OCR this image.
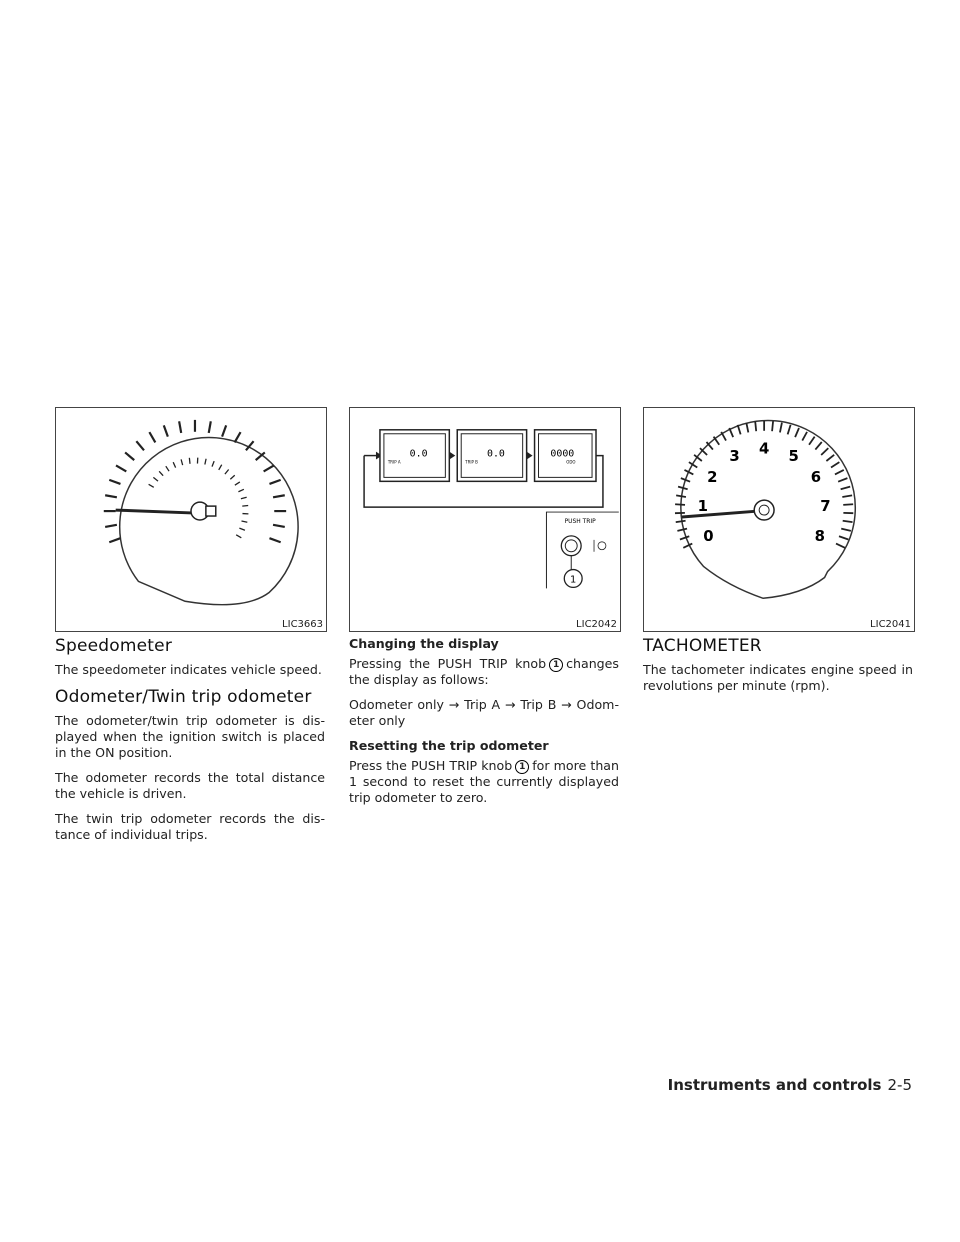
LIC3663
0.0
TRIP A
0.0
TRIP B
0000
ODO
PUSH TRIP
1
LIC2042
0
1
2
3 4 5
6
7
8
LIC2041
Speedometer

The speedometer indicates vehicle speed.

Odometer/Twin trip odometer

The odometer/twin trip odometer is dis- played when the ignition switch is placed in the ON position.

The odometer records the total distance the vehicle is driven.

The twin trip odometer records the dis- tance of individual trips.

Changing the display

Pressing the PUSH TRIP knob 1 changes the display as follows:

Odometer only → Trip A → Trip B → Odom- eter only

Resetting the trip odometer

Press the PUSH TRIP knob 1 for more than 1 second to reset the currently displayed trip odometer to zero.

TACHOMETER

The tachometer indicates engine speed in revolutions per minute (rpm).

Instruments and controls 2-5
